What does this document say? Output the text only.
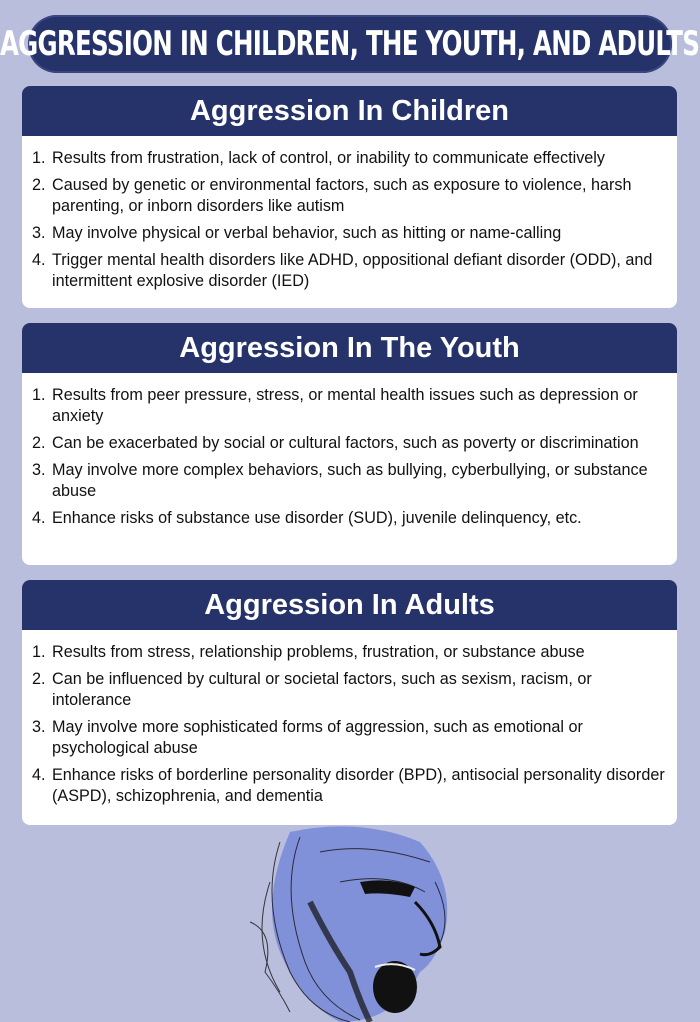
AGGRESSION IN CHILDREN, THE YOUTH, AND ADULTS
Aggression In Children
1. Results from frustration, lack of control, or inability to communicate effectively
2. Caused by genetic or environmental factors, such as exposure to violence, harsh parenting, or inborn disorders like autism
3. May involve physical or verbal behavior, such as hitting or name-calling
4. Trigger mental health disorders like ADHD, oppositional defiant disorder (ODD), and intermittent explosive disorder (IED)
Aggression In The Youth
1. Results from peer pressure, stress, or mental health issues such as depression or anxiety
2. Can be exacerbated by social or cultural factors, such as poverty or discrimination
3. May involve more complex behaviors, such as bullying, cyberbullying, or substance abuse
4. Enhance risks of substance use disorder (SUD), juvenile delinquency, etc.
Aggression In Adults
1. Results from stress, relationship problems, frustration, or substance abuse
2. Can be influenced by cultural or societal factors, such as sexism, racism, or intolerance
3. May involve more sophisticated forms of aggression, such as emotional or psychological abuse
4. Enhance risks of borderline personality disorder (BPD), antisocial personality disorder (ASPD), schizophrenia, and dementia
